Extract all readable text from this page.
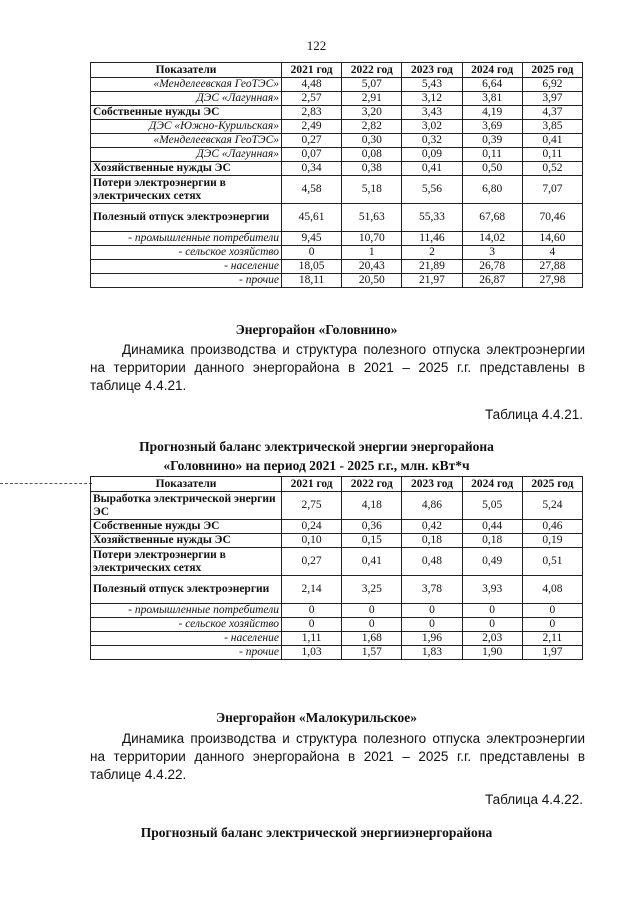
122
Показатели	2021 год	2022 год	2023 год	2024 год	2025 год
«Менделеевская ГеоТЭС»	4,48	5,07	5,43	6,64	6,92
ДЭС «Лагунная»	2,57	2,91	3,12	3,81	3,97
Собственные нужды ЭС	2,83	3,20	3,43	4,19	4,37
ДЭС «Южно-Курильская»	2,49	2,82	3,02	3,69	3,85
«Менделеевская ГеоТЭС»	0,27	0,30	0,32	0,39	0,41
ДЭС «Лагунная»	0,07	0,08	0,09	0,11	0,11
Хозяйственные нужды ЭС	0,34	0,38	0,41	0,50	0,52
Потери электроэнергии в электрических сетях	4,58	5,18	5,56	6,80	7,07
Полезный отпуск электроэнергии	45,61	51,63	55,33	67,68	70,46
- промышленные потребители	9,45	10,70	11,46	14,02	14,60
- сельское хозяйство	0	1	2	3	4
- население	18,05	20,43	21,89	26,78	27,88
- прочие	18,11	20,50	21,97	26,87	27,98
Энергорайон «Головнино»
Динамика производства и структура полезного отпуска электроэнергии на территории данного энергорайона в 2021 – 2025 г.г. представлены в таблице 4.4.21.
Таблица 4.4.21.
Прогнозный баланс электрической энергии энергорайона
«Головнино» на период 2021 - 2025 г.г., млн. кВт*ч
Показатели	2021 год	2022 год	2023 год	2024 год	2025 год
Выработка электрической энергии ЭС	2,75	4,18	4,86	5,05	5,24
Собственные нужды ЭС	0,24	0,36	0,42	0,44	0,46
Хозяйственные нужды ЭС	0,10	0,15	0,18	0,18	0,19
Потери электроэнергии в электрических сетях	0,27	0,41	0,48	0,49	0,51
Полезный отпуск электроэнергии	2,14	3,25	3,78	3,93	4,08
- промышленные потребители	0	0	0	0	0
- сельское хозяйство	0	0	0	0	0
- население	1,11	1,68	1,96	2,03	2,11
- прочие	1,03	1,57	1,83	1,90	1,97
Энергорайон «Малокурильское»
Динамика производства и структура полезного отпуска электроэнергии на территории данного энергорайона в 2021 – 2025 г.г. представлены в таблице 4.4.22.
Таблица 4.4.22.
Прогнозный баланс электрической энергииэнергорайона
